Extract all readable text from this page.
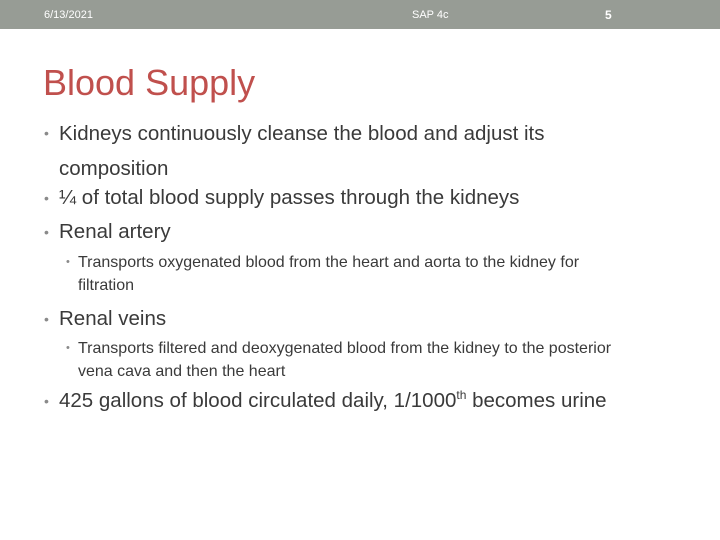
6/13/2021	SAP 4c	5
Blood Supply
• Kidneys continuously cleanse the blood and adjust its composition
• ¼ of total blood supply passes through the kidneys
• Renal artery
• Transports oxygenated blood from the heart and aorta to the kidney for filtration
• Renal veins
• Transports filtered and deoxygenated blood from the kidney to the posterior vena cava and then the heart
• 425 gallons of blood circulated daily, 1/1000th becomes urine
